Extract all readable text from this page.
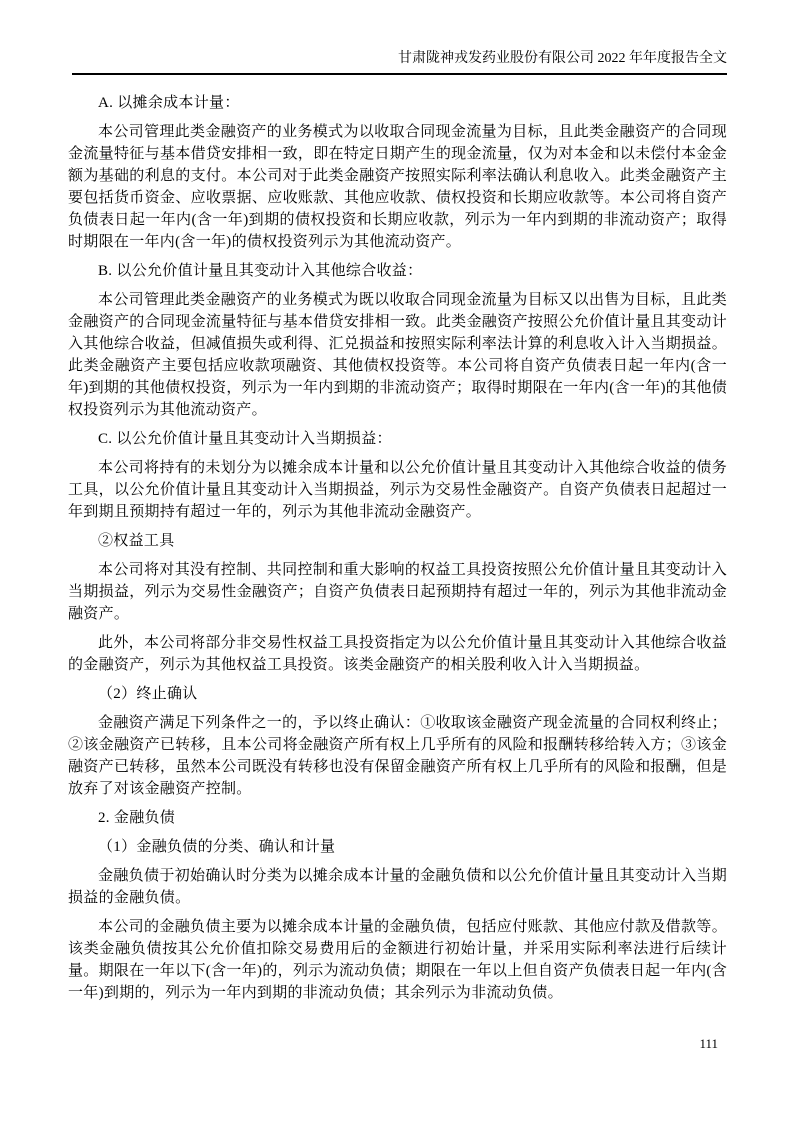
甘肃陇神戎发药业股份有限公司 2022 年年度报告全文

A. 以摊余成本计量：

本公司管理此类金融资产的业务模式为以收取合同现金流量为目标，且此类金融资产的合同现金流量特征与基本借贷安排相一致，即在特定日期产生的现金流量，仅为对本金和以未偿付本金金额为基础的利息的支付。本公司对于此类金融资产按照实际利率法确认利息收入。此类金融资产主要包括货币资金、应收票据、应收账款、其他应收款、债权投资和长期应收款等。本公司将自资产负债表日起一年内(含一年)到期的债权投资和长期应收款，列示为一年内到期的非流动资产；取得时期限在一年内(含一年)的债权投资列示为其他流动资产。

B. 以公允价值计量且其变动计入其他综合收益：

本公司管理此类金融资产的业务模式为既以收取合同现金流量为目标又以出售为目标，且此类金融资产的合同现金流量特征与基本借贷安排相一致。此类金融资产按照公允价值计量且其变动计入其他综合收益，但减值损失或利得、汇兑损益和按照实际利率法计算的利息收入计入当期损益。此类金融资产主要包括应收款项融资、其他债权投资等。本公司将自资产负债表日起一年内(含一年)到期的其他债权投资，列示为一年内到期的非流动资产；取得时期限在一年内(含一年)的其他债权投资列示为其他流动资产。

C. 以公允价值计量且其变动计入当期损益：

本公司将持有的未划分为以摊余成本计量和以公允价值计量且其变动计入其他综合收益的债务工具，以公允价值计量且其变动计入当期损益，列示为交易性金融资产。自资产负债表日起超过一年到期且预期持有超过一年的，列示为其他非流动金融资产。

②权益工具

本公司将对其没有控制、共同控制和重大影响的权益工具投资按照公允价值计量且其变动计入当期损益，列示为交易性金融资产；自资产负债表日起预期持有超过一年的，列示为其他非流动金融资产。

此外，本公司将部分非交易性权益工具投资指定为以公允价值计量且其变动计入其他综合收益的金融资产，列示为其他权益工具投资。该类金融资产的相关股利收入计入当期损益。

（2）终止确认

金融资产满足下列条件之一的，予以终止确认：①收取该金融资产现金流量的合同权利终止；②该金融资产已转移，且本公司将金融资产所有权上几乎所有的风险和报酬转移给转入方；③该金融资产已转移，虽然本公司既没有转移也没有保留金融资产所有权上几乎所有的风险和报酬，但是放弃了对该金融资产控制。

2. 金融负债

（1）金融负债的分类、确认和计量

金融负债于初始确认时分类为以摊余成本计量的金融负债和以公允价值计量且其变动计入当期损益的金融负债。

本公司的金融负债主要为以摊余成本计量的金融负债，包括应付账款、其他应付款及借款等。该类金融负债按其公允价值扣除交易费用后的金额进行初始计量，并采用实际利率法进行后续计量。期限在一年以下(含一年)的，列示为流动负债；期限在一年以上但自资产负债表日起一年内(含一年)到期的，列示为一年内到期的非流动负债；其余列示为非流动负债。

111
